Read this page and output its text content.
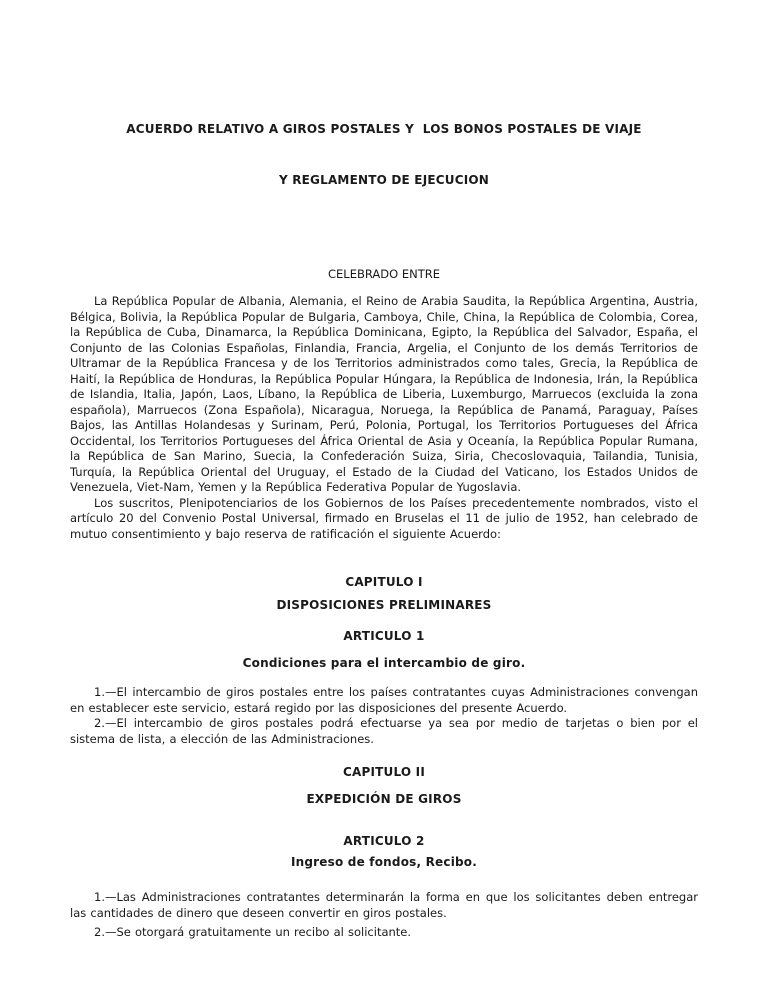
ACUERDO RELATIVO A GIROS POSTALES Y  LOS BONOS POSTALES DE VIAJE

Y REGLAMENTO DE EJECUCION

CELEBRADO ENTRE

La República Popular de Albania, Alemania, el Reino de Arabia Saudita, la República Argentina, Austria, Bélgica, Bolivia, la República Popular de Bulgaria, Camboya, Chile, China, la República de Colombia, Corea, la República de Cuba, Dinamarca, la República Dominicana, Egipto, la República del Salvador, España, el Conjunto de las Colonias Españolas, Finlandia, Francia, Argelia, el Conjunto de los demás Territorios de Ultramar de la República Francesa y de los Territorios administrados como tales, Grecia, la República de Haití, la República de Honduras, la República Popular Húngara, la República de Indonesia, Irán, la República de Islandia, Italia, Japón, Laos, Líbano, la República de Liberia, Luxemburgo, Marruecos (excluida la zona española), Marruecos (Zona Española), Nicaragua, Noruega, la República de Panamá, Paraguay, Países Bajos, las Antillas Holandesas y Surinam, Perú, Polonia, Portugal, los Territorios Portugueses del África Occidental, los Territorios Portugueses del África Oriental de Asia y Oceanía, la República Popular Rumana, la República de San Marino, Suecia, la Confederación Suiza, Siria, Checoslovaquia, Tailandia, Tunisia, Turquía, la República Oriental del Uruguay, el Estado de la Ciudad del Vaticano, los Estados Unidos de Venezuela, Viet-Nam, Yemen y la República Federativa Popular de Yugoslavia.

Los suscritos, Plenipotenciarios de los Gobiernos de los Países precedentemente nombrados, visto el artículo 20 del Convenio Postal Universal, firmado en Bruselas el 11 de julio de 1952, han celebrado de mutuo consentimiento y bajo reserva de ratificación el siguiente Acuerdo:

CAPITULO I
DISPOSICIONES PRELIMINARES
ARTICULO 1
Condiciones para el intercambio de giro.

1.—El intercambio de giros postales entre los países contratantes cuyas Administraciones convengan en establecer este servicio, estará regido por las disposiciones del presente Acuerdo.

2.—El intercambio de giros postales podrá efectuarse ya sea por medio de tarjetas o bien por el sistema de lista, a elección de las Administraciones.

CAPITULO II
EXPEDICIÓN DE GIROS
ARTICULO 2
Ingreso de fondos, Recibo.

1.—Las Administraciones contratantes determinarán la forma en que los solicitantes deben entregar las cantidades de dinero que deseen convertir en giros postales.

2.—Se otorgará gratuitamente un recibo al solicitante.
